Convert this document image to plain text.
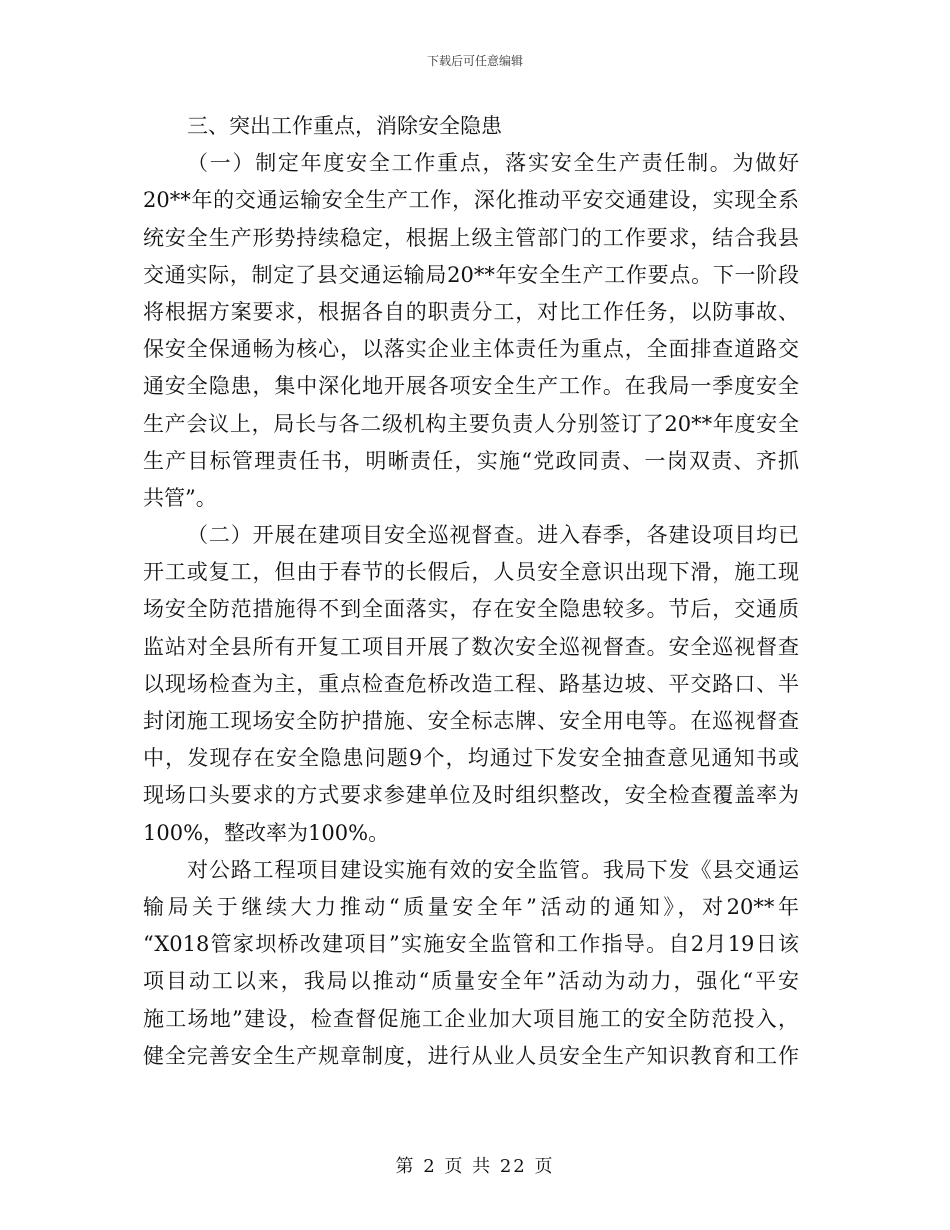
下载后可任意编辑
三、突出工作重点，消除安全隐患
（一）制定年度安全工作重点，落实安全生产责任制。为做好
20**年的交通运输安全生产工作，深化推动平安交通建设，实现全系
统安全生产形势持续稳定，根据上级主管部门的工作要求，结合我县
交通实际，制定了县交通运输局20**年安全生产工作要点。下一阶段
将根据方案要求，根据各自的职责分工，对比工作任务，以防事故、
保安全保通畅为核心，以落实企业主体责任为重点，全面排查道路交
通安全隐患，集中深化地开展各项安全生产工作。在我局一季度安全
生产会议上，局长与各二级机构主要负责人分别签订了20**年度安全
生产目标管理责任书，明晰责任，实施“党政同责、一岗双责、齐抓
共管”。
（二）开展在建项目安全巡视督查。进入春季，各建设项目均已
开工或复工，但由于春节的长假后，人员安全意识出现下滑，施工现
场安全防范措施得不到全面落实，存在安全隐患较多。节后，交通质
监站对全县所有开复工项目开展了数次安全巡视督查。安全巡视督查
以现场检查为主，重点检查危桥改造工程、路基边坡、平交路口、半
封闭施工现场安全防护措施、安全标志牌、安全用电等。在巡视督查
中，发现存在安全隐患问题9个，均通过下发安全抽查意见通知书或
现场口头要求的方式要求参建单位及时组织整改，安全检查覆盖率为
100%，整改率为100%。
对公路工程项目建设实施有效的安全监管。我局下发《县交通运
输局关于继续大力推动“质量安全年”活动的通知》，对20**年
“X018管家坝桥改建项目”实施安全监管和工作指导。自2月19日该
项目动工以来，我局以推动“质量安全年”活动为动力，强化“平安
施工场地”建设，检查督促施工企业加大项目施工的安全防范投入，
健全完善安全生产规章制度，进行从业人员安全生产知识教育和工作
第 2 页 共 22 页
